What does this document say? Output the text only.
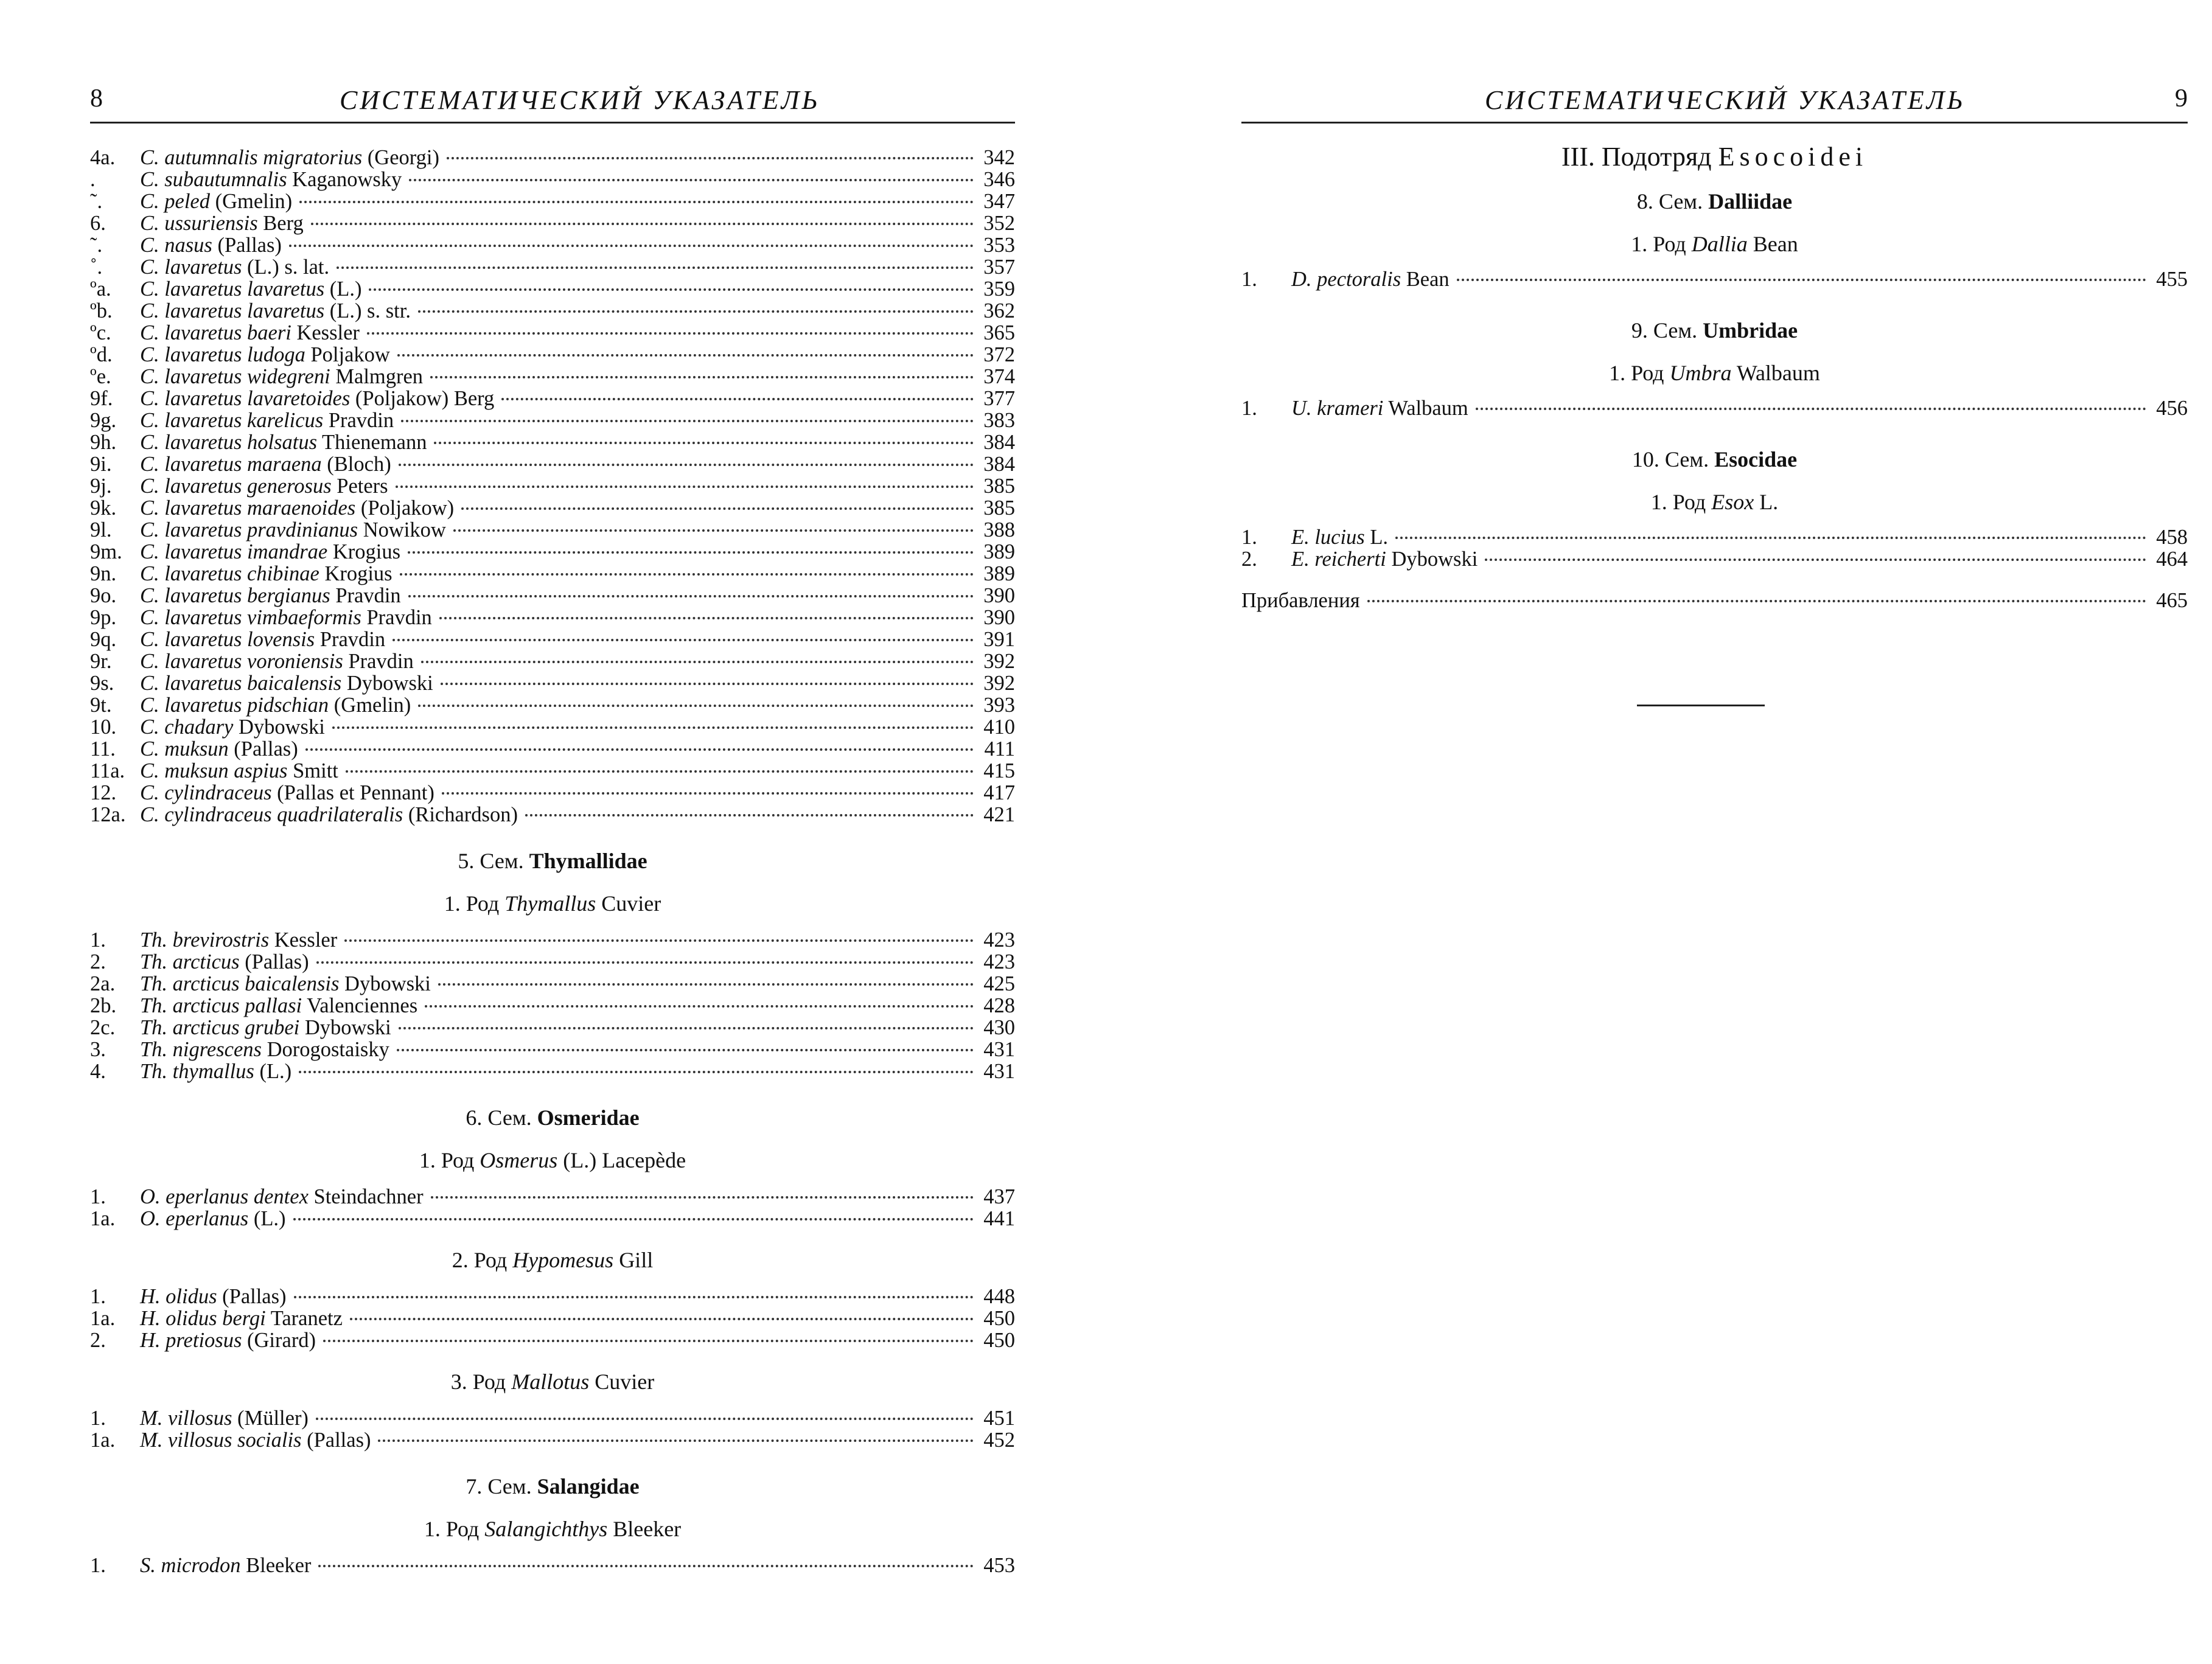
8	СИСТЕМАТИЧЕСКИЙ УКАЗАТЕЛЬ
4a.	C. autumnalis migratorius (Georgi)	342
.	C. subautumnalis Kaganowsky	346
˜.	C. peled (Gmelin)	347
6.	C. ussuriensis Berg	352
˜.	C. nasus (Pallas)	353
˚.	C. lavaretus (L.) s. lat.	357
ºa.	C. lavaretus lavaretus (L.)	359
ºb.	C. lavaretus lavaretus (L.) s. str.	362
ºc.	C. lavaretus baeri Kessler	365
ºd.	C. lavaretus ludoga Poljakow	372
ºe.	C. lavaretus widegreni Malmgren	374
9f.	C. lavaretus lavaretoides (Poljakow) Berg	377
9g.	C. lavaretus karelicus Pravdin	383
9h.	C. lavaretus holsatus Thienemann	384
9i.	C. lavaretus maraena (Bloch)	384
9j.	C. lavaretus generosus Peters	385
9k.	C. lavaretus maraenoides (Poljakow)	385
9l.	C. lavaretus pravdinianus Nowikow	388
9m. C. lavaretus imandrae Krogius	389
9n.	C. lavaretus chibinae Krogius	389
9o.	C. lavaretus bergianus Pravdin	390
9p.	C. lavaretus vimbaeformis Pravdin	390
9q.	C. lavaretus lovensis Pravdin	391
9r.	C. lavaretus voroniensis Pravdin	392
9s.	C. lavaretus baicalensis Dybowski	392
9t.	C. lavaretus pidschian (Gmelin)	393
10.	C. chadary Dybowski	410
11.	C. muksun (Pallas)	411
11a. C. muksun aspius Smitt	415
12.	C. cylindraceus (Pallas et Pennant)	417
12a. C. cylindraceus quadrilateralis (Richardson)	421
5. Сем. Thymallidae
1. Род Thymallus Cuvier
1.	Th. brevirostris Kessler	423
2.	Th. arcticus (Pallas)	423
2a.	Th. arcticus baicalensis Dybowski	425
2b.	Th. arcticus pallasi Valenciennes	428
2c.	Th. arcticus grubei Dybowski	430
3.	Th. nigrescens Dorogostaisky	431
4.	Th. thymallus (L.)	431
6. Сем. Osmeridae
1. Род Osmerus (L.) Lacepède
1.	O. eperlanus dentex Steindachner	437
1a.	O. eperlanus (L.)	441
2. Род Hypomesus Gill
1.	H. olidus (Pallas)	448
1a.	H. olidus bergi Taranetz	450
2.	H. pretiosus (Girard)	450
3. Род Mallotus Cuvier
1.	M. villosus (Müller)	451
1a.	M. villosus socialis (Pallas)	452
7. Сем. Salangidae
1. Род Salangichthys Bleeker
1.	S. microdon Bleeker	453
СИСТЕМАТИЧЕСКИЙ УКАЗАТЕЛЬ	9
III. Подотряд Esocoidei
8. Сем. Dalliidae
1. Род Dallia Bean
1.	D. pectoralis Bean	455
9. Сем. Umbridae
1. Род Umbra Walbaum
1.	U. krameri Walbaum	456
10. Сем. Esocidae
1. Род Esox L.
1.	E. lucius L.	458
2.	E. reicherti Dybowski	464
Прибавления	465
